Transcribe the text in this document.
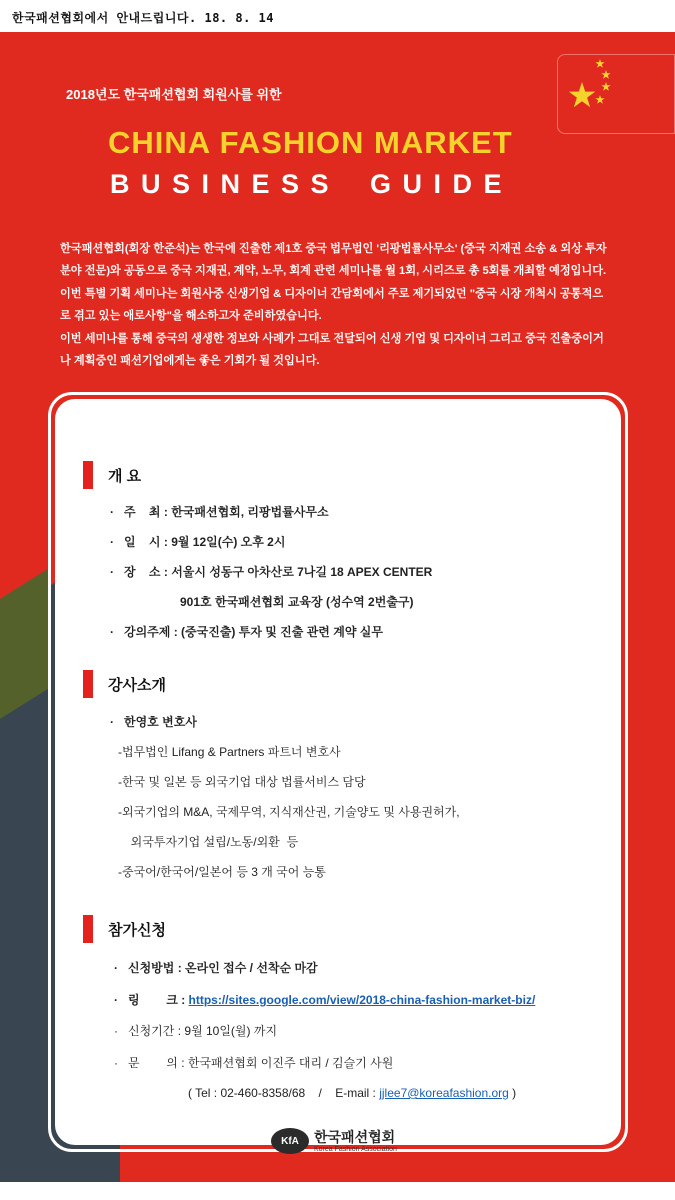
한국패션협회에서 안내드립니다. 18. 8. 14
2018년도 한국패션협회 회원사를 위한
CHINA FASHION MARKET
BUSINESS GUIDE

한국패션협회(회장 한준석)는 한국에 진출한 제1호 중국 법무법인 '리팡법률사무소' (중국 지재권 소송 & 외상 투자

분야 전문)와 공동으로 중국 지재권, 계약, 노무, 회계 관련 세미나를 월 1회, 시리즈로 총 5회를 개최할 예정입니다.

이번 특별 기획 세미나는 회원사중 신생기업 & 디자이너 간담회에서 주로 제기되었던 "중국 시장 개척시 공통적으

로 겪고 있는 애로사항"을 해소하고자 준비하였습니다.

이번 세미나를 통해 중국의 생생한 정보와 사례가 그대로 전달되어 신생 기업 및 디자이너 그리고 중국 진출중이거

나 계획중인 패션기업에게는 좋은 기회가 될 것입니다.

개 요
· 주    최 : 한국패션협회, 리팡법률사무소
· 일    시 : 9월 12일(수) 오후 2시
· 장    소 : 서울시 성동구 아차산로 7나길 18 APEX CENTER
901호 한국패션협회 교육장 (성수역 2번출구)
· 강의주제 : (중국진출) 투자 및 진출 관련 계약 실무
강사소개
· 한영호 변호사
-법무법인 Lifang & Partners 파트너 변호사
-한국 및 일본 등 외국기업 대상 법률서비스 담당
-외국기업의 M&A, 국제무역, 지식재산권, 기술양도 및 사용권허가,
외국투자기업 설립/노동/외환  등
-중국어/한국어/일본어 등 3 개 국어 능통
참가신청
· 신청방법 : 온라인 접수 / 선착순 마감
· 링        크 : https://sites.google.com/view/2018-china-fashion-market-biz/
· 신청기간 : 9월 10일(월) 까지
· 문        의 : 한국패션협회 이진주 대리 / 김슬기 사원
( Tel : 02-460-8358/68    /    E-mail : jjlee7@koreafashion.org )
KfA	한국패션협회
Korea Fashion Association
